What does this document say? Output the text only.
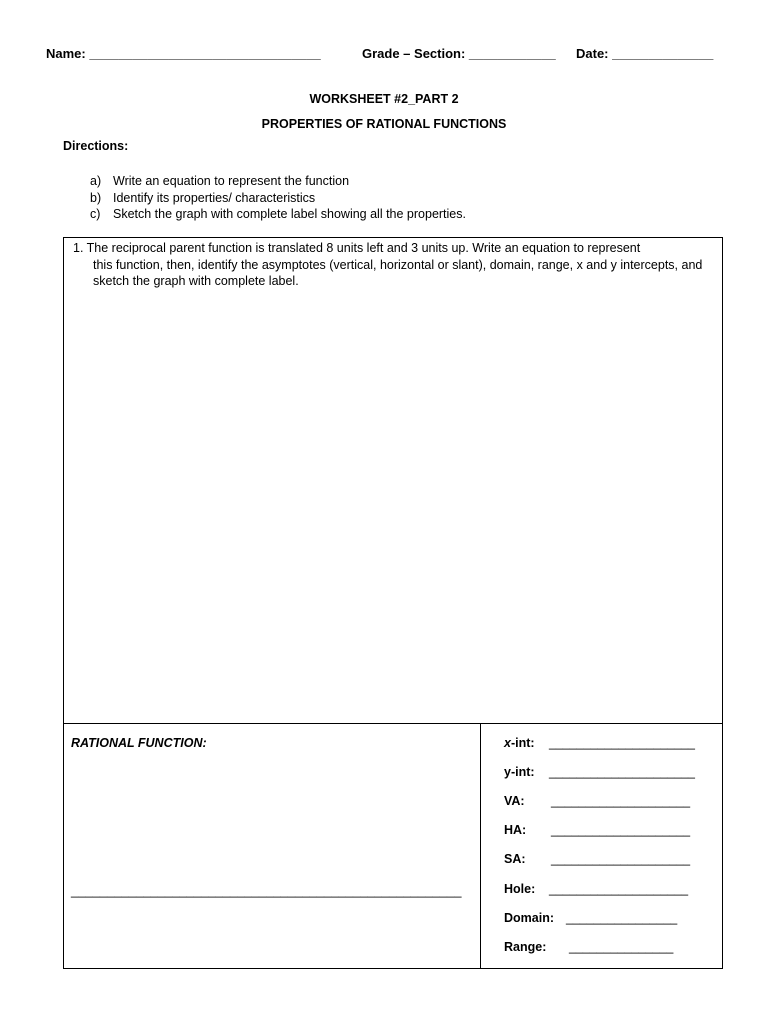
Name: ________________________________	Grade – Section: ____________ Date: ______________
WORKSHEET #2_PART 2
PROPERTIES OF RATIONAL FUNCTIONS
Directions:
a) Write an equation to represent the function
b) Identify its properties/ characteristics
c) Sketch the graph with complete label showing all the properties.
1. The reciprocal parent function is translated 8 units left and 3 units up. Write an equation to represent
this function, then, identify the asymptotes (vertical, horizontal or slant), domain, range, x and y intercepts, and sketch the graph with complete label.
RATIONAL FUNCTION:
______________________________________________________
x-int: _____________________
y-int: _____________________
VA: ____________________
HA: ____________________
SA: ____________________
Hole: ____________________
Domain: ________________
Range: _______________
